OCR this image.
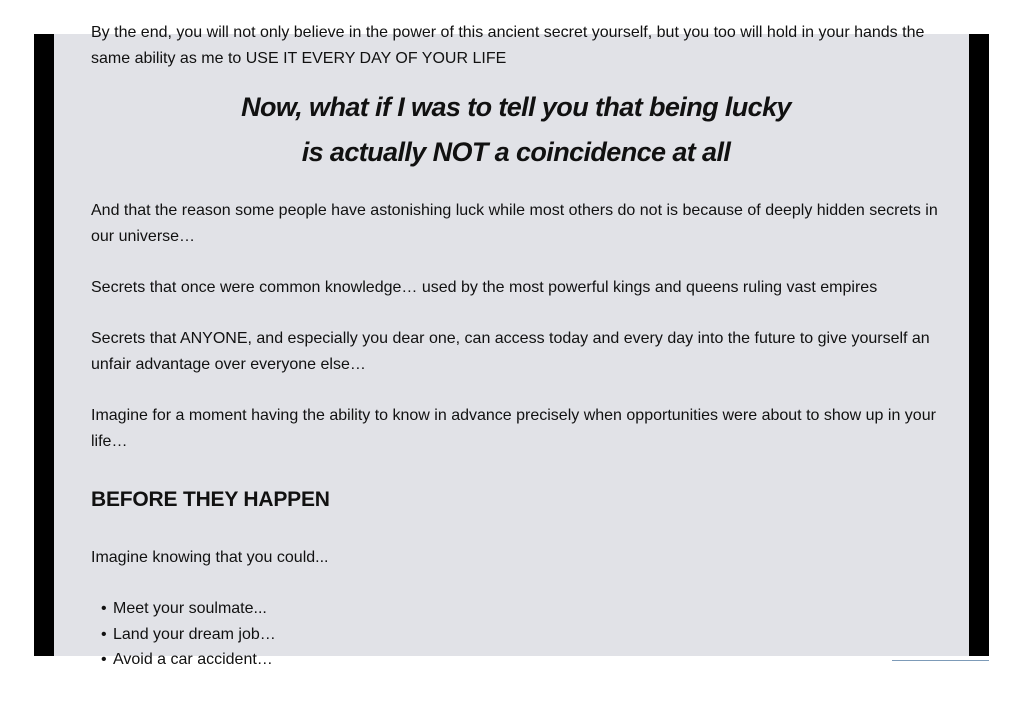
By the end, you will not only believe in the power of this ancient secret yourself, but you too will hold in your hands the
same ability as me to USE IT EVERY DAY OF YOUR LIFE

Now, what if I was to tell you that being lucky
is actually NOT a coincidence at all

And that the reason some people have astonishing luck while most others do not is because of deeply hidden secrets in our universe…

Secrets that once were common knowledge… used by the most powerful kings and queens ruling vast empires

Secrets that ANYONE, and especially you dear one, can access today and every day into the future to give yourself an unfair advantage over everyone else…

Imagine for a moment having the ability to know in advance precisely when opportunities were about to show up in your life…

BEFORE THEY HAPPEN

Imagine knowing that you could...

• Meet your soulmate...
• Land your dream job…
• Avoid a car accident…
